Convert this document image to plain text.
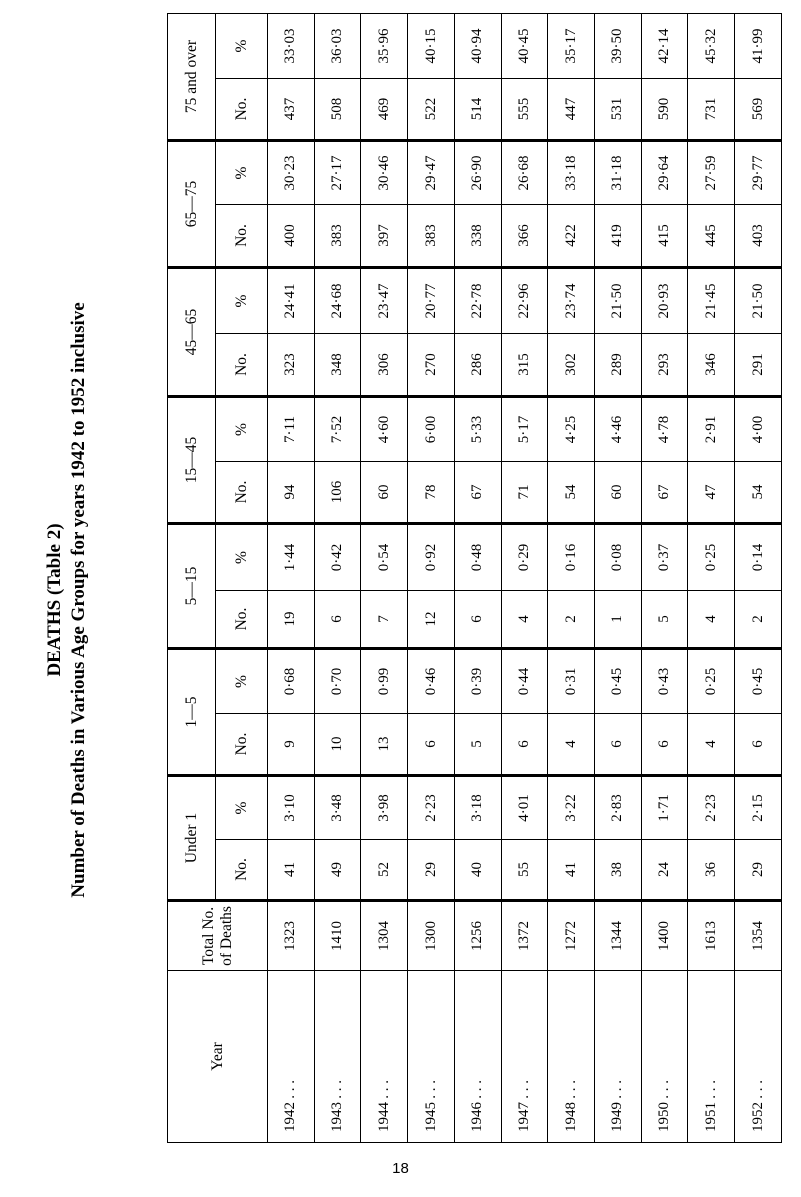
DEATHS (Table 2) Number of Deaths in Various Age Groups for years 1942 to 1952 inclusive
Year	Total No. of Deaths	Under 1		1—5		5—15		15—45		45—65		65—75		75 and over	
		No.	%	No.	%	No.	%	No.	%	No.	%	No.	%	No.	%
1942. . .	1323	41	3·10	9	0·68	19	1·44	94	7·11	323	24·41	400	30·23	437	33·03
1943. . .	1410	49	3·48	10	0·70	6	0·42	106	7·52	348	24·68	383	27·17	508	36·03
1944. . .	1304	52	3·98	13	0·99	7	0·54	60	4·60	306	23·47	397	30·46	469	35·96
1945. . .	1300	29	2·23	6	0·46	12	0·92	78	6·00	270	20·77	383	29·47	522	40·15
1946. . .	1256	40	3·18	5	0·39	6	0·48	67	5·33	286	22·78	338	26·90	514	40·94
1947. . .	1372	55	4·01	6	0·44	4	0·29	71	5·17	315	22·96	366	26·68	555	40·45
1948. . .	1272	41	3·22	4	0·31	2	0·16	54	4·25	302	23·74	422	33·18	447	35·17
1949. . .	1344	38	2·83	6	0·45	1	0·08	60	4·46	289	21·50	419	31·18	531	39·50
1950. . .	1400	24	1·71	6	0·43	5	0·37	67	4·78	293	20·93	415	29·64	590	42·14
1951. . .	1613	36	2·23	4	0·25	4	0·25	47	2·91	346	21·45	445	27·59	731	45·32
1952. . .	1354	29	2·15	6	0·45	2	0·14	54	4·00	291	21·50	403	29·77	569	41·99
18
